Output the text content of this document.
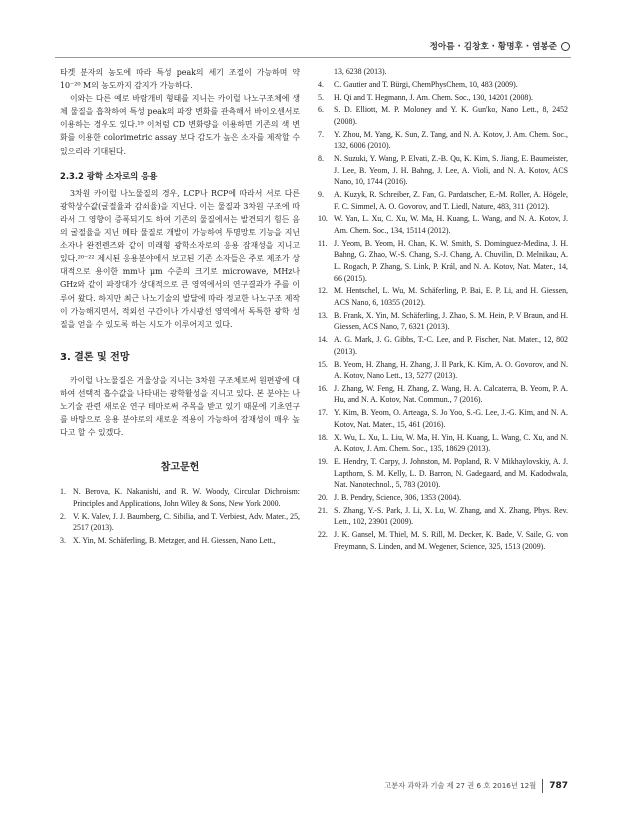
정아름 · 김창호 · 황명후 · 염봉준

타겟 분자의 농도에 따라 특성 peak의 세기 조절이 가능하며 약 10⁻²⁰ M의 농도까지 감지가 가능하다.

이와는 다른 예로 바람개비 형태를 지니는 카이럴 나노구조체에 생체 물질을 흡착하여 특성 peak의 파장 변화를 관측해서 바이오센서로 이용하는 경우도 있다.¹⁹ 이처럼 CD 변화량을 이용하면 기존의 색 변화를 이용한 colorimetric assay 보다 감도가 높은 소자를 제작할 수 있으리라 기대된다.

2.3.2 광학 소자로의 응용

3차원 카이럴 나노물질의 경우, LCP나 RCP에 따라서 서로 다른 광학상수값(굴절율과 감쇠율)을 지닌다. 이는 물질과 3차원 구조에 따라서 그 영향이 증폭되기도 하여 기존의 물질에서는 발견되기 힘든 음의 굴절율을 지닌 메타 물질로 개발이 가능하여 투명망토 기능을 지닌 소자나 완전렌즈와 같이 미래형 광학소자로의 응용 잠재성을 지니고 있다.²⁰⁻²² 제시된 응용분야에서 보고된 기존 소자들은 주로 제조가 상대적으로 용이한 mm나 μm 수준의 크기로 microwave, MHz나 GHz와 같이 파장대가 상대적으로 큰 영역에서의 연구결과가 주를 이루어 왔다. 하지만 최근 나노기술의 발달에 따라 정교한 나노구조 제작이 가능해지면서, 적외선 구간이나 가시광선 영역에서 독특한 광학 성질을 얻을 수 있도록 하는 시도가 이루어지고 있다.

3. 결론 및 전망

카이럴 나노물질은 거울상을 지니는 3차원 구조체로써 원편광에 대하여 선택적 흡수값을 나타내는 광학활성을 지니고 있다. 본 분야는 나노기술 관련 새로운 연구 테마로써 주목을 받고 있기 때문에 기초연구를 바탕으로 응용 분야로의 새로운 적용이 가능하여 잠재성이 매우 높다고 할 수 있겠다.

참고문헌
1. N. Berova, K. Nakanishi, and R. W. Woody, Circular Dichroism: Principles and Applications, John Wiley & Sons, New York 2000.
2. V. K. Valev, J. J. Baumberg, C. Sibilia, and T. Verbiest, Adv. Mater., 25, 2517 (2013).
3. X. Yin, M. Schäferling, B. Metzger, and H. Giessen, Nano Lett.,
13, 6238 (2013).
4. C. Gautier and T. Bürgi, ChemPhysChem, 10, 483 (2009).
5. H. Qi and T. Hegmann, J. Am. Chem. Soc., 130, 14201 (2008).
6. S. D. Elliott, M. P. Moloney and Y. K. Gun'ko, Nano Lett., 8, 2452 (2008).
7. Y. Zhou, M. Yang, K. Sun, Z. Tang, and N. A. Kotov, J. Am. Chem. Soc., 132, 6006 (2010).
8. N. Suzuki, Y. Wang, P. Elvati, Z.-B. Qu, K. Kim, S. Jiang, E. Baumeister, J. Lee, B. Yeom, J. H. Bahng, J. Lee, A. Violi, and N. A. Kotov, ACS Nano, 10, 1744 (2016).
9. A. Kuzyk, R. Schreiber, Z. Fan, G. Pardatscher, E.-M. Roller, A. Högele, F. C. Simmel, A. O. Govorov, and T. Liedl, Nature, 483, 311 (2012).
10. W. Yan, L. Xu, C. Xu, W. Ma, H. Kuang, L. Wang, and N. A. Kotov, J. Am. Chem. Soc., 134, 15114 (2012).
11. J. Yeom, B. Yeom, H. Chan, K. W. Smith, S. Dominguez-Medina, J. H. Bahng, G. Zhao, W.-S. Chang, S.-J. Chang, A. Chuvilin, D. Melnikau, A. L. Rogach, P. Zhang, S. Link, P. Král, and N. A. Kotov, Nat. Mater., 14, 66 (2015).
12. M. Hentschel, L. Wu, M. Schäferling, P. Bai, E. P. Li, and H. Giessen, ACS Nano, 6, 10355 (2012).
13. B. Frank, X. Yin, M. Schäferling, J. Zhao, S. M. Hein, P. V Braun, and H. Giessen, ACS Nano, 7, 6321 (2013).
14. A. G. Mark, J. G. Gibbs, T.-C. Lee, and P. Fischer, Nat. Mater., 12, 802 (2013).
15. B. Yeom, H. Zhang, H. Zhang, J. Il Park, K. Kim, A. O. Govorov, and N. A. Kotov, Nano Lett., 13, 5277 (2013).
16. J. Zhang, W. Feng, H. Zhang, Z. Wang, H. A. Calcaterra, B. Yeom, P. A. Hu, and N. A. Kotov, Nat. Commun., 7 (2016).
17. Y. Kim, B. Yeom, O. Arteaga, S. Jo Yoo, S.-G. Lee, J.-G. Kim, and N. A. Kotov, Nat. Mater., 15, 461 (2016).
18. X. Wu, L. Xu, L. Liu, W. Ma, H. Yin, H. Kuang, L. Wang, C. Xu, and N. A. Kotov, J. Am. Chem. Soc., 135, 18629 (2013).
19. E. Hendry, T. Carpy, J. Johnston, M. Popland, R. V Mikhaylovskiy, A. J. Lapthorn, S. M. Kelly, L. D. Barron, N. Gadegaard, and M. Kadodwala, Nat. Nanotechnol., 5, 783 (2010).
20. J. B. Pendry, Science, 306, 1353 (2004).
21. S. Zhang, Y.-S. Park, J. Li, X. Lu, W. Zhang, and X. Zhang, Phys. Rev. Lett., 102, 23901 (2009).
22. J. K. Gansel, M. Thiel, M. S. Rill, M. Decker, K. Bade, V. Saile, G. von Freymann, S. Linden, and M. Wegener, Science, 325, 1513 (2009).
고분자 과학과 기술 제 27 권 6 호 2016년 12월 787
